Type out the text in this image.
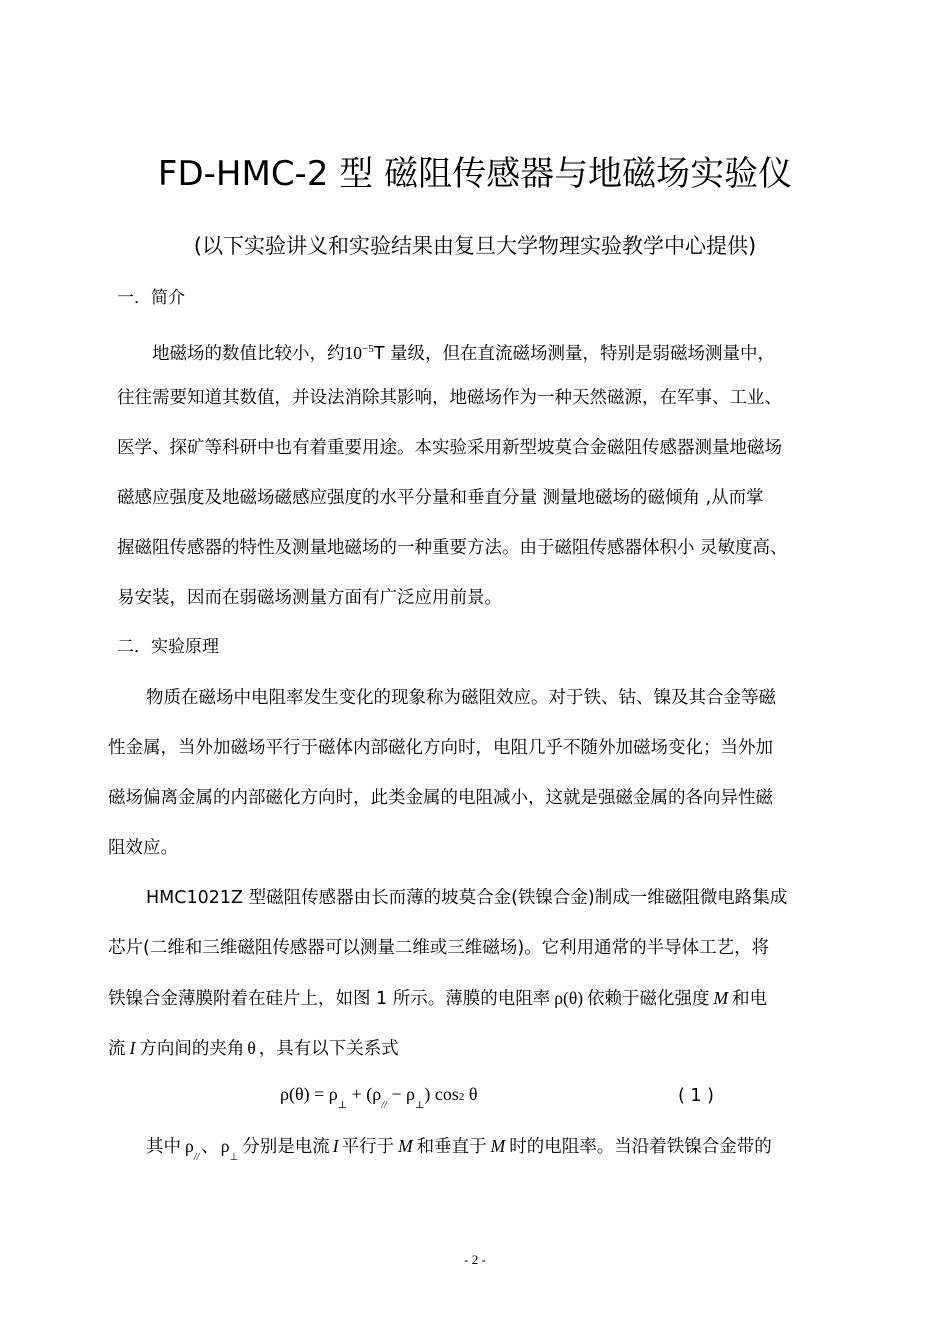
FD-HMC-2 型 磁阻传感器与地磁场实验仪
(以下实验讲义和实验结果由复旦大学物理实验教学中心提供)
一．简介
地磁场的数值比较小，约$10^{-5}T$ 量级，但在直流磁场测量，特别是弱磁场测量中，
往往需要知道其数值，并设法消除其影响，地磁场作为一种天然磁源，在军事、工业、
医学、探矿等科研中也有着重要用途。本实验采用新型坡莫合金磁阻传感器测量地磁场
磁感应强度及地磁场磁感应强度的水平分量和垂直分量 测量地磁场的磁倾角 ,从而掌
握磁阻传感器的特性及测量地磁场的一种重要方法。由于磁阻传感器体积小 灵敏度高、
易安装，因而在弱磁场测量方面有广泛应用前景。
二．实验原理
物质在磁场中电阻率发生变化的现象称为磁阻效应。对于铁、钴、镍及其合金等磁
性金属，当外加磁场平行于磁体内部磁化方向时，电阻几乎不随外加磁场变化；当外加
磁场偏离金属的内部磁化方向时，此类金属的电阻减小，这就是强磁金属的各向异性磁
阻效应。
HMC1021Z 型磁阻传感器由长而薄的坡莫合金(铁镍合金)制成一维磁阻微电路集成
芯片(二维和三维磁阻传感器可以测量二维或三维磁场)。它利用通常的半导体工艺，将
铁镍合金薄膜附着在硅片上，如图 1 所示。薄膜的电阻率 ρ(θ) 依赖于磁化强度 M 和电
流 I 方向间的夹角 θ ，具有以下关系式
$\rho(\theta) = \rho_\perp + (\rho_{//} - \rho_\perp)$ cos2 θ	( 1 )
其中 $\rho_{//}$、 $\rho_\perp$分别是电流 I 平行于 M 和垂直于 M 时的电阻率。当沿着铁镍合金带的
- 2 -
